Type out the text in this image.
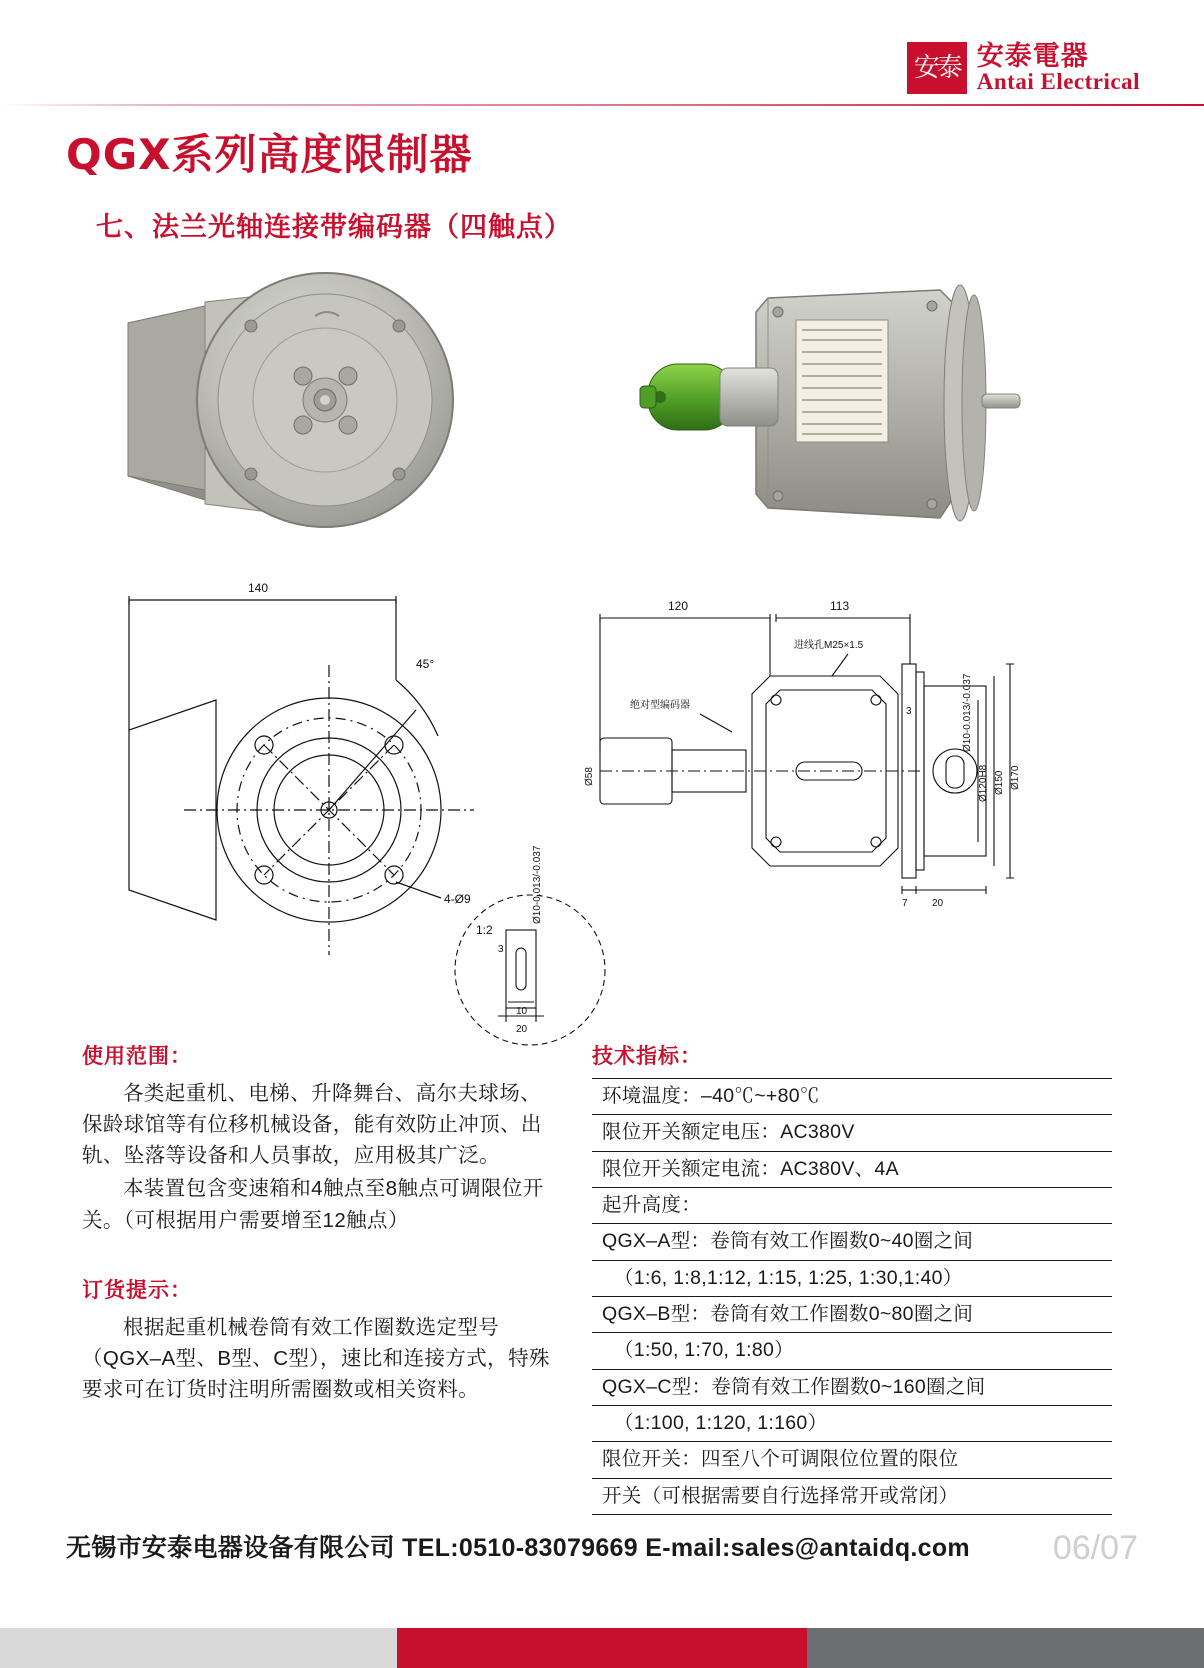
安泰 安泰電器
Antai Electrical
QGX系列高度限制器
七、法兰光轴连接带编码器（四触点）
140
45°
4-Ø9
1:2
Ø10-0.013/-0.037
3
10
20
120	113
绝对型编码器
进线孔M25×1.5
Ø58	Ø170
Ø150
Ø120H8
Ø10-0.013/-0.037
3
7 20
使用范围：

各类起重机、电梯、升降舞台、高尔夫球场、保龄球馆等有位移机械设备，能有效防止冲顶、出轨、坠落等设备和人员事故，应用极其广泛。

本装置包含变速箱和4触点至8触点可调限位开关。（可根据用户需要增至12触点）

订货提示：

根据起重机械卷筒有效工作圈数选定型号（QGX–A型、B型、C型），速比和连接方式，特殊要求可在订货时注明所需圈数或相关资料。

技术指标：
环境温度：–40℃~+80℃
限位开关额定电压：AC380V
限位开关额定电流：AC380V、4A
起升高度：
QGX–A型：卷筒有效工作圈数0~40圈之间
（1:6, 1:8,1:12, 1:15, 1:25, 1:30,1:40）
QGX–B型：卷筒有效工作圈数0~80圈之间
（1:50, 1:70, 1:80）
QGX–C型：卷筒有效工作圈数0~160圈之间
（1:100, 1:120, 1:160）
限位开关：四至八个可调限位位置的限位
开关（可根据需要自行选择常开或常闭）
无锡市安泰电器设备有限公司 TEL:0510-83079669 E-mail:sales@antaidq.com 06/07
